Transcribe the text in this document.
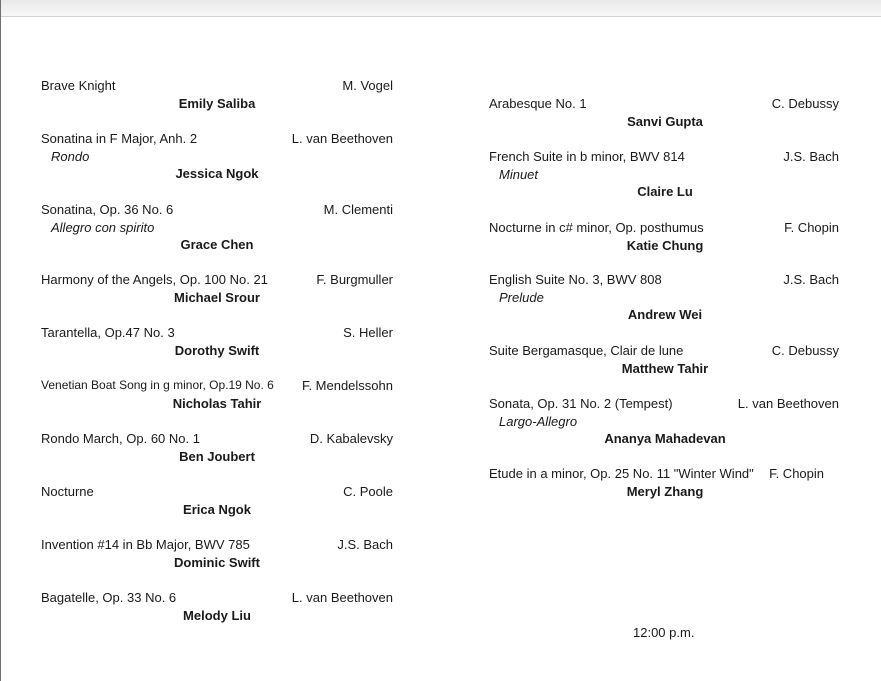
Brave Knight	M. Vogel
Emily Saliba
Sonatina in F Major, Anh. 2	L. van Beethoven
Rondo
Jessica Ngok
Sonatina, Op. 36 No. 6	M. Clementi
Allegro con spirito
Grace Chen
Harmony of the Angels, Op. 100 No. 21	F. Burgmuller
Michael Srour
Tarantella, Op.47 No. 3	S. Heller
Dorothy Swift
Venetian Boat Song in g minor, Op.19 No. 6 F. Mendelssohn
Nicholas Tahir
Rondo March, Op. 60 No. 1	D. Kabalevsky
Ben Joubert
Nocturne	C. Poole
Erica Ngok
Invention #14 in Bb Major, BWV 785	J.S. Bach
Dominic Swift
Bagatelle, Op. 33 No. 6	L. van Beethoven
Melody Liu
Arabesque No. 1	C. Debussy
Sanvi Gupta
French Suite in b minor, BWV 814	J.S. Bach
Minuet
Claire Lu
Nocturne in c# minor, Op. posthumus	F. Chopin
Katie Chung
English Suite No. 3, BWV 808	J.S. Bach
Prelude
Andrew Wei
Suite Bergamasque, Clair de lune	C. Debussy
Matthew Tahir
Sonata, Op. 31 No. 2 (Tempest)	L. van Beethoven
Largo-Allegro
Ananya Mahadevan
Etude in a minor, Op. 25 No. 11 "Winter Wind" F. Chopin
Meryl Zhang
12:00 p.m.
